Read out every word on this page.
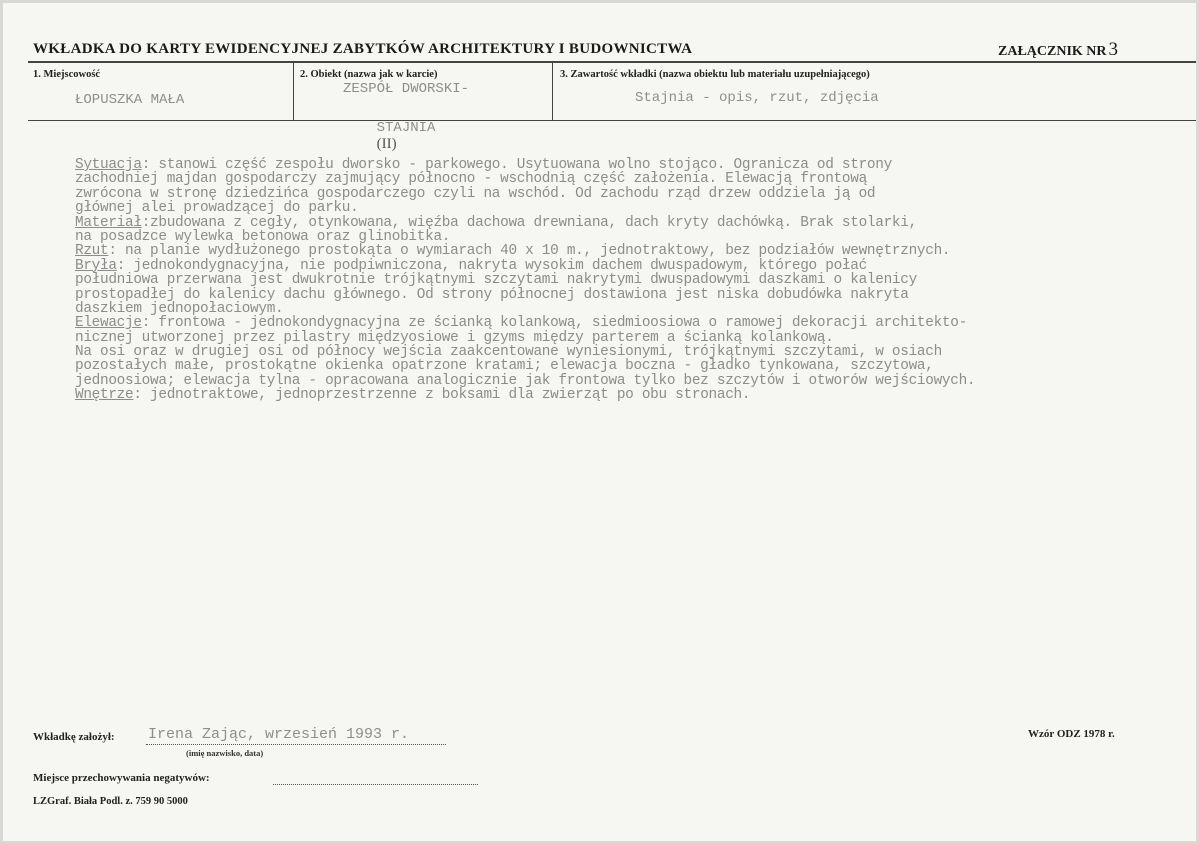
WKŁADKA DO KARTY EWIDENCYJNEJ ZABYTKÓW ARCHITEKTURY I BUDOWNICTWA	ZAŁĄCZNIK NR 3
1. Miejscowość
ŁOPUSZKA MAŁA
2. Obiekt (nazwa jak w karcie)
ZESPÓŁ DWORSKI-

STAJNIA
(II)

3. Zawartość wkładki (nazwa obiektu lub materiału uzupełniającego)
Stajnia - opis, rzut, zdjęcia
Sytuacja: stanowi część zespołu dworsko - parkowego. Usytuowana wolno stojąco. Ogranicza od strony
zachodniej majdan gospodarczy zajmujący północno - wschodnią część założenia. Elewacją frontową
zwrócona w stronę dziedzińca gospodarczego czyli na wschód. Od zachodu rząd drzew oddziela ją od
głównej alei prowadzącej do parku.
Materiał:zbudowana z cegły, otynkowana, więźba dachowa drewniana, dach kryty dachówką. Brak stolarki,
na posadzce wylewka betonowa oraz glinobitka.
Rzut: na planie wydłużonego prostokąta o wymiarach 40 x 10 m., jednotraktowy, bez podziałów wewnętrznych.
Bryła: jednokondygnacyjna, nie podpiwniczona, nakryta wysokim dachem dwuspadowym, którego połać
południowa przerwana jest dwukrotnie trójkątnymi szczytami nakrytymi dwuspadowymi daszkami o kalenicy
prostopadłej do kalenicy dachu głównego. Od strony północnej dostawiona jest niska dobudówka nakryta
daszkiem jednopołaciowym.
Elewacje: frontowa - jednokondygnacyjna ze ścianką kolankową, siedmioosiowa o ramowej dekoracji architekto-
nicznej utworzonej przez pilastry międzyosiowe i gzyms między parterem a ścianką kolankową.
Na osi oraz w drugiej osi od północy wejścia zaakcentowane wyniesionymi, trójkątnymi szczytami, w osiach
pozostałych małe, prostokątne okienka opatrzone kratami; elewacja boczna - gładko tynkowana, szczytowa,
jednoosiowa; elewacja tylna - opracowana analogicznie jak frontowa tylko bez szczytów i otworów wejściowych.
Wnętrze: jednotraktowe, jednoprzestrzenne z boksami dla zwierząt po obu stronach.
Wkładkę założył: Irena Zając, wrzesień 1993 r.
(imię nazwisko, data)
Wzór ODZ 1978 r.
Miejsce przechowywania negatywów:
LZGraf. Biała Podl. z. 759 90 5000
